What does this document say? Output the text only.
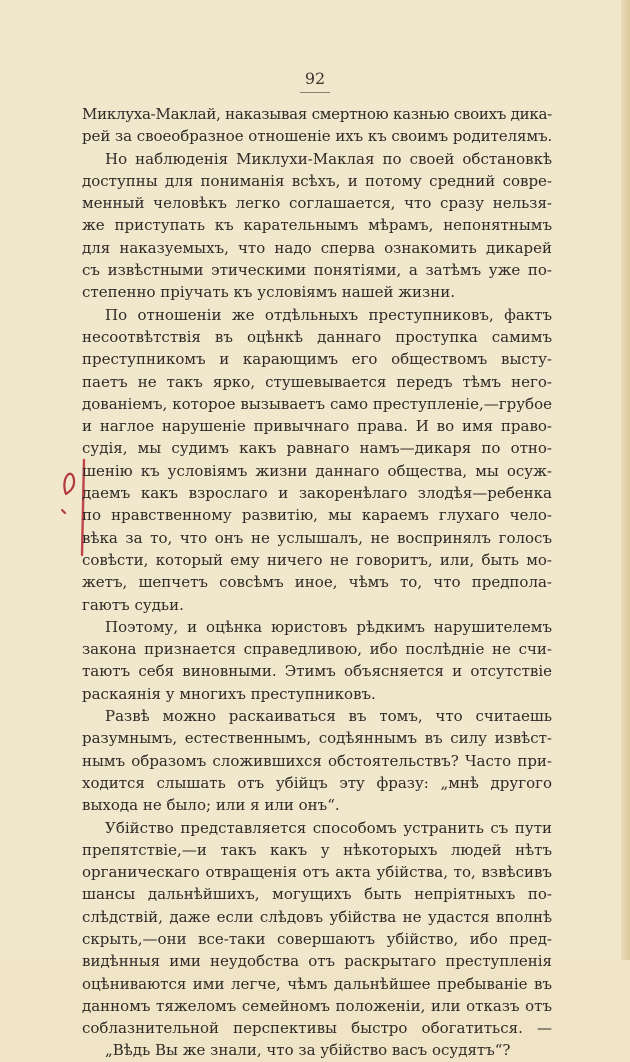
92
Миклуха-Маклай, наказывая смертною казнью своихъ дика-
рей за своеобразное отношенiе ихъ къ своимъ родителямъ.
Но наблюденiя Миклухи-Маклая по своей обстановкѣ
доступны для пониманiя всѣхъ, и потому средний совре-
менный человѣкъ легко соглашается, что сразу нельзя-
же приступать къ карательнымъ мѣрамъ, непонятнымъ
для наказуемыхъ, что надо сперва ознакомить дикарей
съ извѣстными этическими понятiями, а затѣмъ уже по-
степенно прiучать къ условiямъ нашей жизни.
По отношенiи же отдѣльныхъ преступниковъ, фактъ
несоотвѣтствiя въ оцѣнкѣ даннаго проступка самимъ
преступникомъ и карающимъ его обществомъ высту-
паетъ не такъ ярко, стушевывается передъ тѣмъ него-
дованiемъ, которое вызываетъ само преступленiе,—грубое
и наглое нарушенiе привычнаго права. И во имя право-
судiя, мы судимъ какъ равнаго намъ—дикаря по отно-
шенiю къ условiямъ жизни даннаго общества, мы осуж-
даемъ какъ взрослаго и закоренѣлаго злодѣя—ребенка
по нравственному развитiю, мы караемъ глухаго чело-
вѣка за то, что онъ не услышалъ, не воспринялъ голосъ
совѣсти, который ему ничего не говоритъ, или, быть мо-
жетъ, шепчетъ совсѣмъ иное, чѣмъ то, что предпола-
гаютъ судьи.
Поэтому, и оцѣнка юристовъ рѣдкимъ нарушителемъ
закона признается справедливою, ибо послѣднiе не счи-
таютъ себя виновными. Этимъ объясняется и отсутствiе
раскаянiя у многихъ преступниковъ.
Развѣ можно раскаиваться въ томъ, что считаешь
разумнымъ, естественнымъ, содѣяннымъ въ силу извѣст-
нымъ образомъ сложившихся обстоятельствъ? Часто при-
ходится слышать отъ убiйцъ эту фразу: „мнѣ другого
выхода не было; или я или онъ“.
Убiйство представляется способомъ устранить съ пути
препятствiе,—и такъ какъ у нѣкоторыхъ людей нѣтъ
органическаго отвращенiя отъ акта убiйства, то, взвѣсивъ
шансы дальнѣйшихъ, могущихъ быть непрiятныхъ по-
слѣдствiй, даже если слѣдовъ убiйства не удастся вполнѣ
скрыть,—они все-таки совершаютъ убiйство, ибо пред-
видѣнныя ими неудобства отъ раскрытаго преступленiя
оцѣниваются ими легче, чѣмъ дальнѣйшее пребыванiе въ
данномъ тяжеломъ семейномъ положенiи, или отказъ отъ
соблазнительной перспективы быстро обогатиться. —
„Вѣдь Вы же знали, что за убiйство васъ осудятъ“?
